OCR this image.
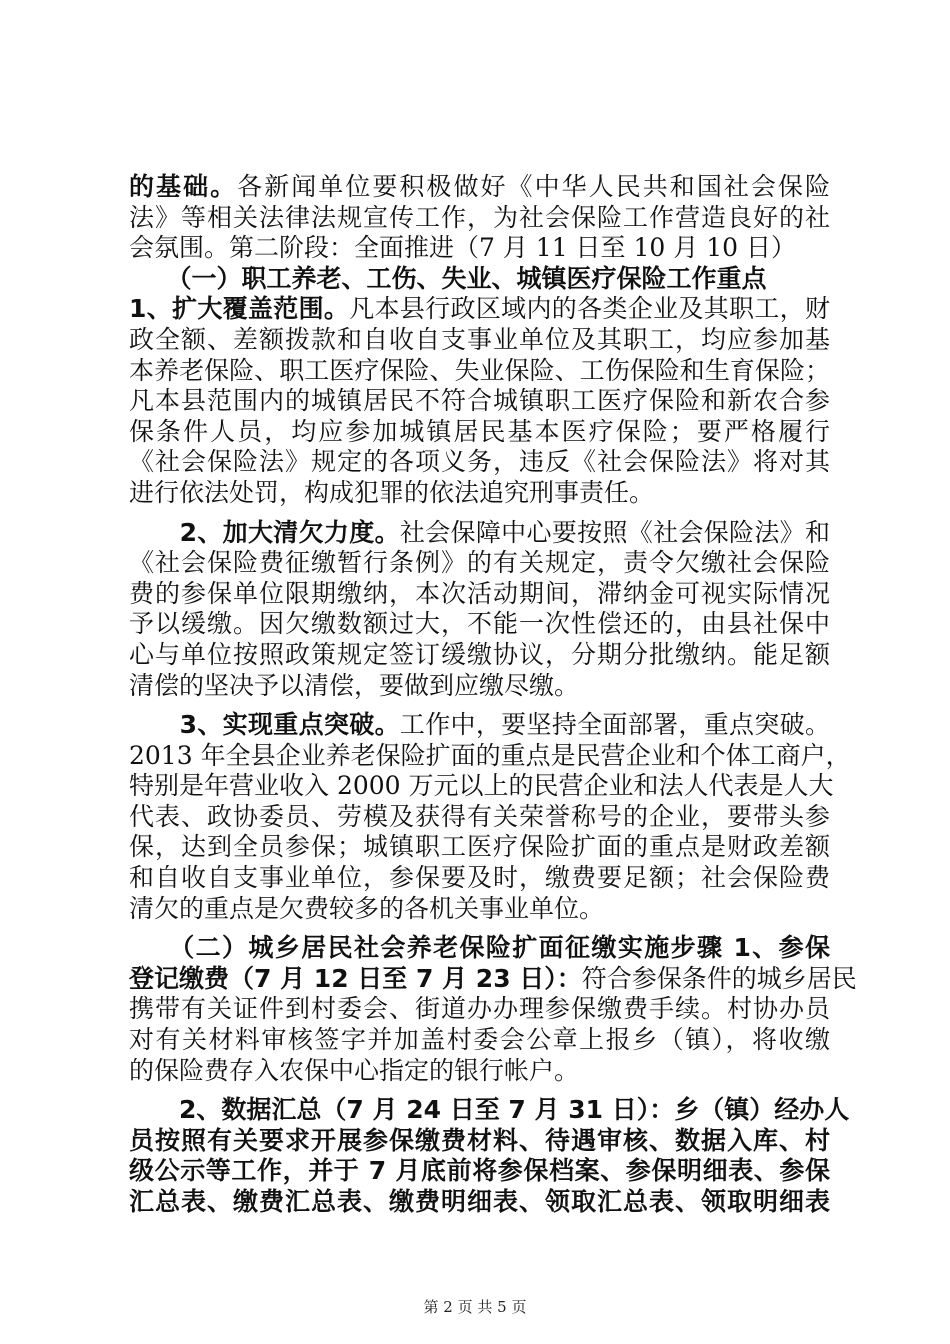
的基础。各新闻单位要积极做好《中华人民共和国社会保险
法》等相关法律法规宣传工作，为社会保险工作营造良好的社
会氛围。第二阶段：全面推进（7 月 11 日至 10 月 10 日）
　　（一）职工养老、工伤、失业、城镇医疗保险工作重点
1、扩大覆盖范围。凡本县行政区域内的各类企业及其职工，财
政全额、差额拨款和自收自支事业单位及其职工，均应参加基
本养老保险、职工医疗保险、失业保险、工伤保险和生育保险；
凡本县范围内的城镇居民不符合城镇职工医疗保险和新农合参
保条件人员，均应参加城镇居民基本医疗保险；要严格履行
《社会保险法》规定的各项义务，违反《社会保险法》将对其
进行依法处罚，构成犯罪的依法追究刑事责任。
　　2、加大清欠力度。社会保障中心要按照《社会保险法》和
《社会保险费征缴暂行条例》的有关规定，责令欠缴社会保险
费的参保单位限期缴纳，本次活动期间，滞纳金可视实际情况
予以缓缴。因欠缴数额过大，不能一次性偿还的，由县社保中
心与单位按照政策规定签订缓缴协议，分期分批缴纳。能足额
清偿的坚决予以清偿，要做到应缴尽缴。
　　3、实现重点突破。工作中，要坚持全面部署，重点突破。
2013 年全县企业养老保险扩面的重点是民营企业和个体工商户，
特别是年营业收入 2000 万元以上的民营企业和法人代表是人大
代表、政协委员、劳模及获得有关荣誉称号的企业，要带头参
保，达到全员参保；城镇职工医疗保险扩面的重点是财政差额
和自收自支事业单位，参保要及时，缴费要足额；社会保险费
清欠的重点是欠费较多的各机关事业单位。
　　（二）城乡居民社会养老保险扩面征缴实施步骤 1、参保
登记缴费（7 月 12 日至 7 月 23 日）：符合参保条件的城乡居民
携带有关证件到村委会、街道办办理参保缴费手续。村协办员
对有关材料审核签字并加盖村委会公章上报乡（镇），将收缴
的保险费存入农保中心指定的银行帐户。
　　2、数据汇总（7 月 24 日至 7 月 31 日）：乡（镇）经办人
员按照有关要求开展参保缴费材料、待遇审核、数据入库、村
级公示等工作，并于 7 月底前将参保档案、参保明细表、参保
汇总表、缴费汇总表、缴费明细表、领取汇总表、领取明细表
第 2 页 共 5 页
